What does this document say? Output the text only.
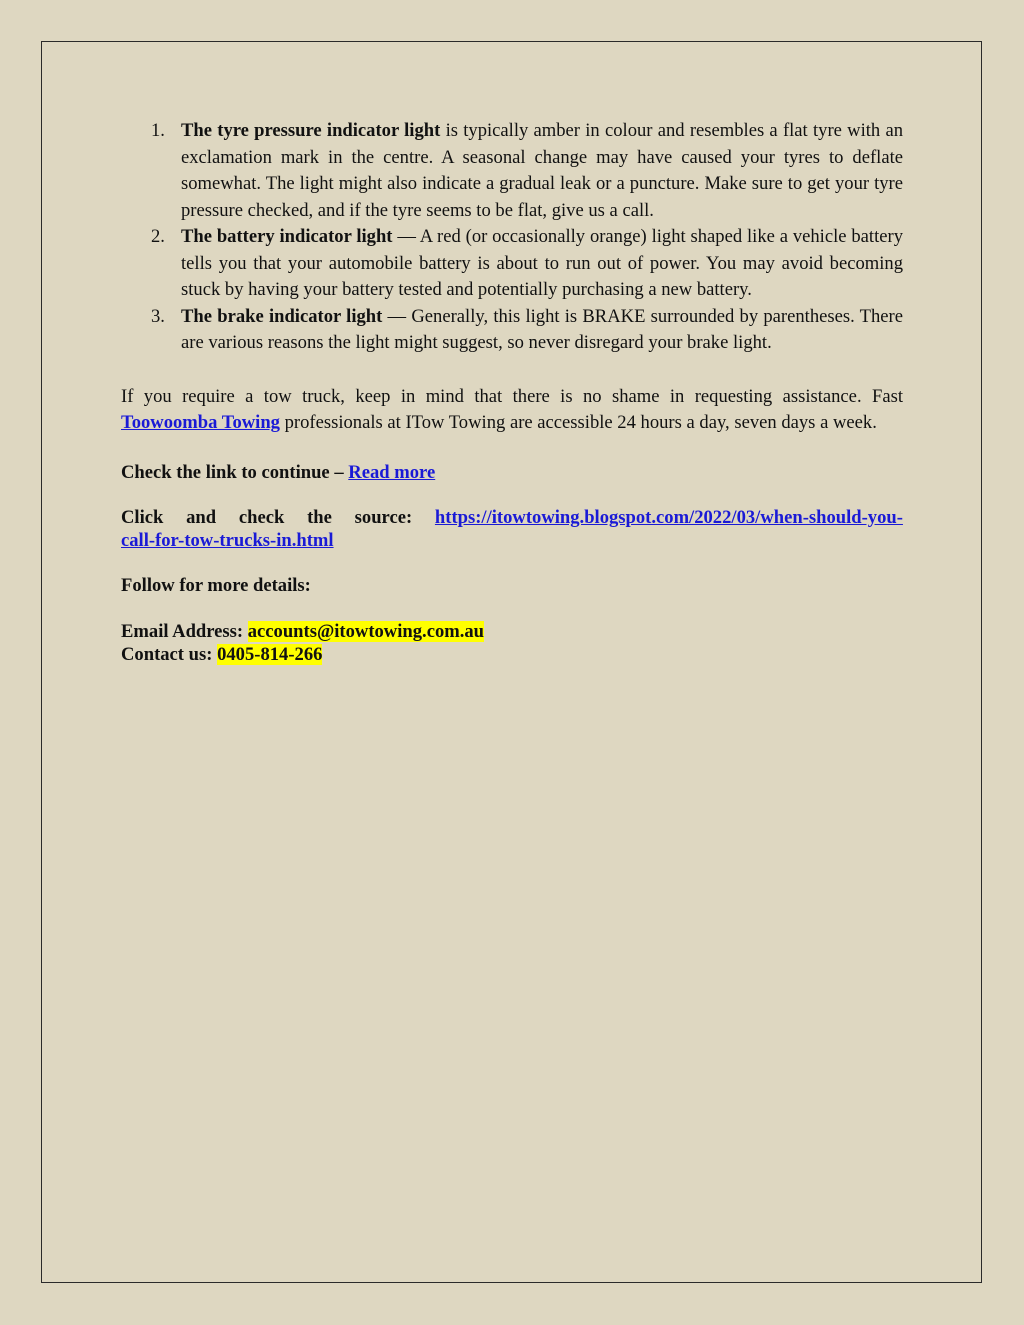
1. The tyre pressure indicator light is typically amber in colour and resembles a flat tyre with an exclamation mark in the centre. A seasonal change may have caused your tyres to deflate somewhat. The light might also indicate a gradual leak or a puncture. Make sure to get your tyre pressure checked, and if the tyre seems to be flat, give us a call.
2. The battery indicator light — A red (or occasionally orange) light shaped like a vehicle battery tells you that your automobile battery is about to run out of power. You may avoid becoming stuck by having your battery tested and potentially purchasing a new battery.
3. The brake indicator light — Generally, this light is BRAKE surrounded by parentheses. There are various reasons the light might suggest, so never disregard your brake light.

If you require a tow truck, keep in mind that there is no shame in requesting assistance. Fast Toowoomba Towing professionals at ITow Towing are accessible 24 hours a day, seven days a week.

Check the link to continue – Read more

Click and check the source: https://itowtowing.blogspot.com/2022/03/when-should-you-
call-for-tow-trucks-in.html

Follow for more details:

Email Address: accounts@itowtowing.com.au
Contact us: 0405-814-266
